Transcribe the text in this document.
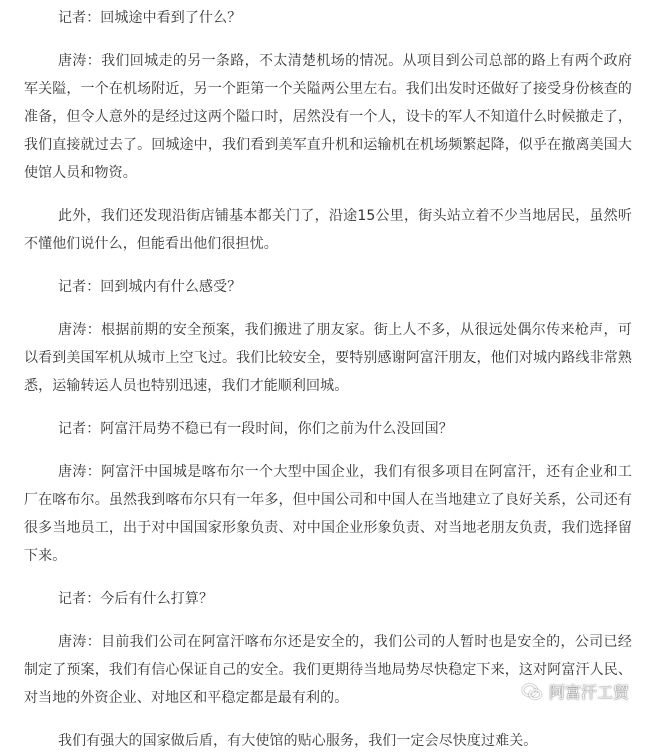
记者：回城途中看到了什么？

唐涛：我们回城走的另一条路，不太清楚机场的情况。从项目到公司总部的路上有两个政府军关隘，一个在机场附近，另一个距第一个关隘两公里左右。我们出发时还做好了接受身份核查的准备，但令人意外的是经过这两个隘口时，居然没有一个人，设卡的军人不知道什么时候撤走了，我们直接就过去了。回城途中，我们看到美军直升机和运输机在机场频繁起降，似乎在撤离美国大使馆人员和物资。

此外，我们还发现沿街店铺基本都关门了，沿途15公里，街头站立着不少当地居民，虽然听不懂他们说什么，但能看出他们很担忧。

记者：回到城内有什么感受？

唐涛：根据前期的安全预案，我们搬进了朋友家。街上人不多，从很远处偶尔传来枪声，可以看到美国军机从城市上空飞过。我们比较安全，要特别感谢阿富汗朋友，他们对城内路线非常熟悉，运输转运人员也特别迅速，我们才能顺利回城。

记者：阿富汗局势不稳已有一段时间，你们之前为什么没回国？

唐涛：阿富汗中国城是喀布尔一个大型中国企业，我们有很多项目在阿富汗，还有企业和工厂在喀布尔。虽然我到喀布尔只有一年多，但中国公司和中国人在当地建立了良好关系，公司还有很多当地员工，出于对中国国家形象负责、对中国企业形象负责、对当地老朋友负责，我们选择留下来。

记者：今后有什么打算？

唐涛：目前我们公司在阿富汗喀布尔还是安全的，我们公司的人暂时也是安全的，公司已经制定了预案，我们有信心保证自己的安全。我们更期待当地局势尽快稳定下来，这对阿富汗人民、对当地的外资企业、对地区和平稳定都是最有利的。

我们有强大的国家做后盾，有大使馆的贴心服务，我们一定会尽快度过难关。

阿富汗工贸
